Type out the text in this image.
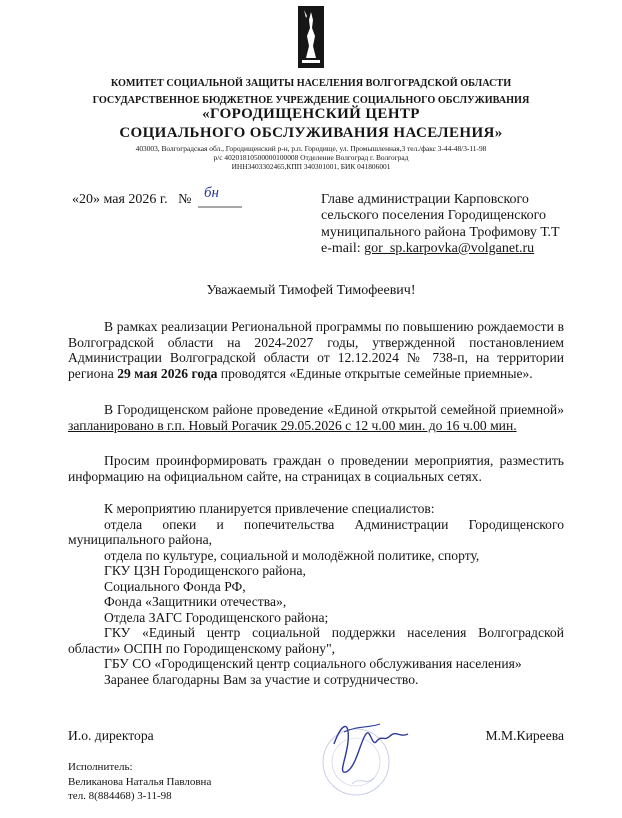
КОМИТЕТ СОЦИАЛЬНОЙ ЗАЩИТЫ НАСЕЛЕНИЯ ВОЛГОГРАДСКОЙ ОБЛАСТИ
ГОСУДАРСТВЕННОЕ БЮДЖЕТНОЕ УЧРЕЖДЕНИЕ СОЦИАЛЬНОГО ОБСЛУЖИВАНИЯ
«ГОРОДИЩЕНСКИЙ ЦЕНТР
СОЦИАЛЬНОГО ОБСЛУЖИВАНИЯ НАСЕЛЕНИЯ»
403003, Волгоградская обл., Городищенский р-н, р.п. Городище, ул. Промышленная,3 тел./факс 3-44-48/3-11-98
р/с 40201810500000100008 Отделение Волгоград г. Волгоград
ИНН3403302465,КПП 340301001, БИК 041806001
«20» мая 2026 г. № бн	Главе администрации Карповского
сельского поселения Городищенского
муниципального района Трофимову Т.Т
e-mail: gor_sp.karpovka@volganet.ru
Уважаемый Тимофей Тимофеевич!

В рамках реализации Региональной программы по повышению рождаемости в Волгоградской области на 2024-2027 годы, утвержденной постановлением Администрации Волгоградской области от 12.12.2024 № 738-п, на территории региона 29 мая 2026 года проводятся «Единые открытые семейные приемные».

В Городищенском районе проведение «Единой открытой семейной приемной» запланировано в г.п. Новый Рогачик 29.05.2026 с 12 ч.00 мин. до 16 ч.00 мин.

Просим проинформировать граждан о проведении мероприятия, разместить информацию на официальном сайте, на страницах в социальных сетях.

К мероприятию планируется привлечение специалистов:

отдела опеки и попечительства Администрации Городищенского муниципального района,

отдела по культуре, социальной и молодёжной политике, спорту,

ГКУ ЦЗН Городищенского района,

Социального Фонда РФ,

Фонда «Защитники отечества»,

Отдела ЗАГС Городищенского района;

ГКУ «Единый центр социальной поддержки населения Волгоградской области» ОСПН по Городищенскому району",

ГБУ СО «Городищенский центр социального обслуживания населения»

Заранее благодарны Вам за участие и сотрудничество.

И.о. директора	М.М.Киреева
Исполнитель:
Великанова Наталья Павловна
тел. 8(884468) 3-11-98
